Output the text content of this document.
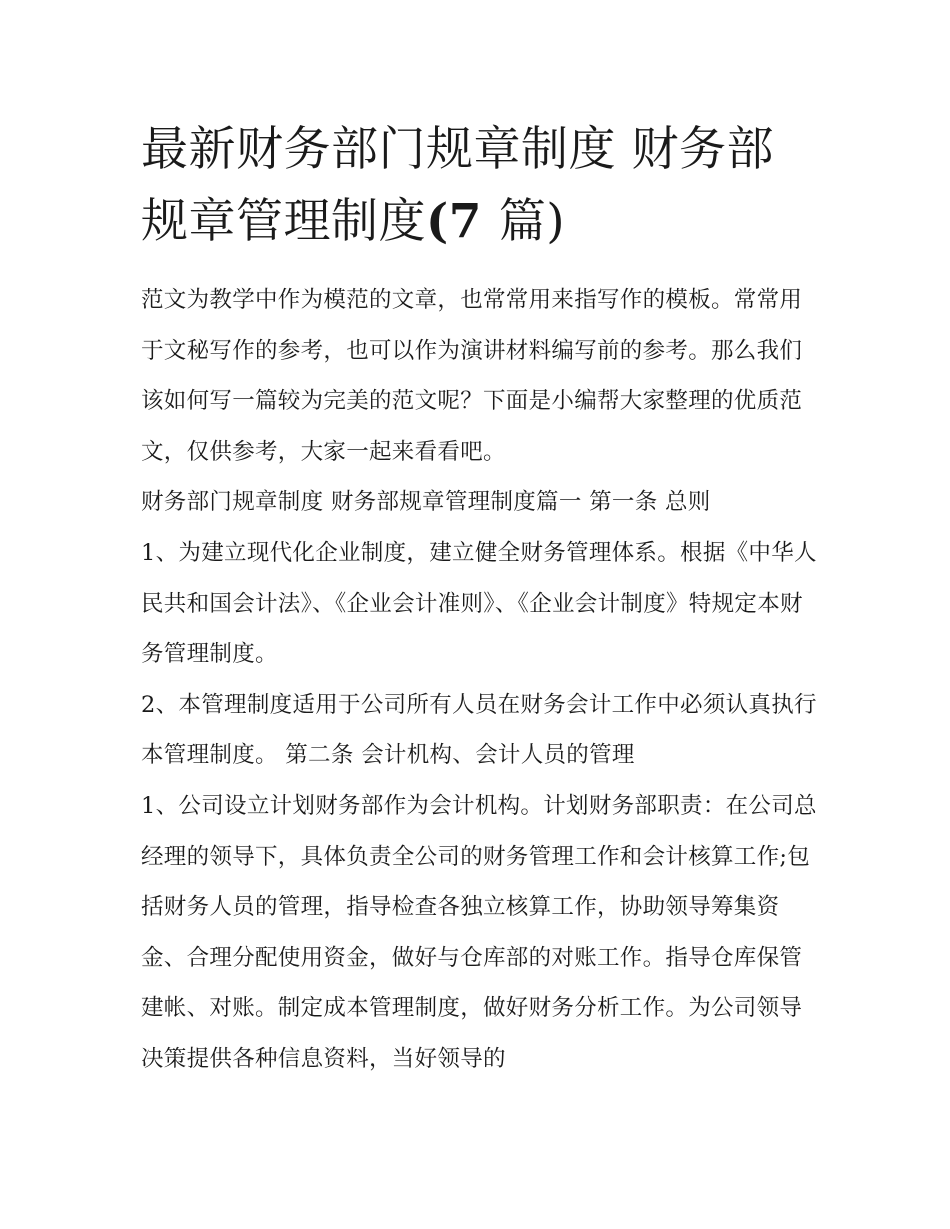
最新财务部门规章制度 财务部
规章管理制度(7 篇)

范文为教学中作为模范的文章，也常常用来指写作的模板。常常用于文秘写作的参考，也可以作为演讲材料编写前的参考。那么我们该如何写一篇较为完美的范文呢？下面是小编帮大家整理的优质范文，仅供参考，大家一起来看看吧。

财务部门规章制度 财务部规章管理制度篇一 第一条 总则

1、为建立现代化企业制度，建立健全财务管理体系。根据《中华人民共和国会计法》、《企业会计准则》、《企业会计制度》特规定本财务管理制度。

2、本管理制度适用于公司所有人员在财务会计工作中必须认真执行本管理制度。 第二条 会计机构、会计人员的管理

1、公司设立计划财务部作为会计机构。计划财务部职责：在公司总经理的领导下，具体负责全公司的财务管理工作和会计核算工作;包括财务人员的管理，指导检查各独立核算工作，协助领导筹集资金、合理分配使用资金，做好与仓库部的对账工作。指导仓库保管建帐、对账。制定成本管理制度，做好财务分析工作。为公司领导决策提供各种信息资料，当好领导的
